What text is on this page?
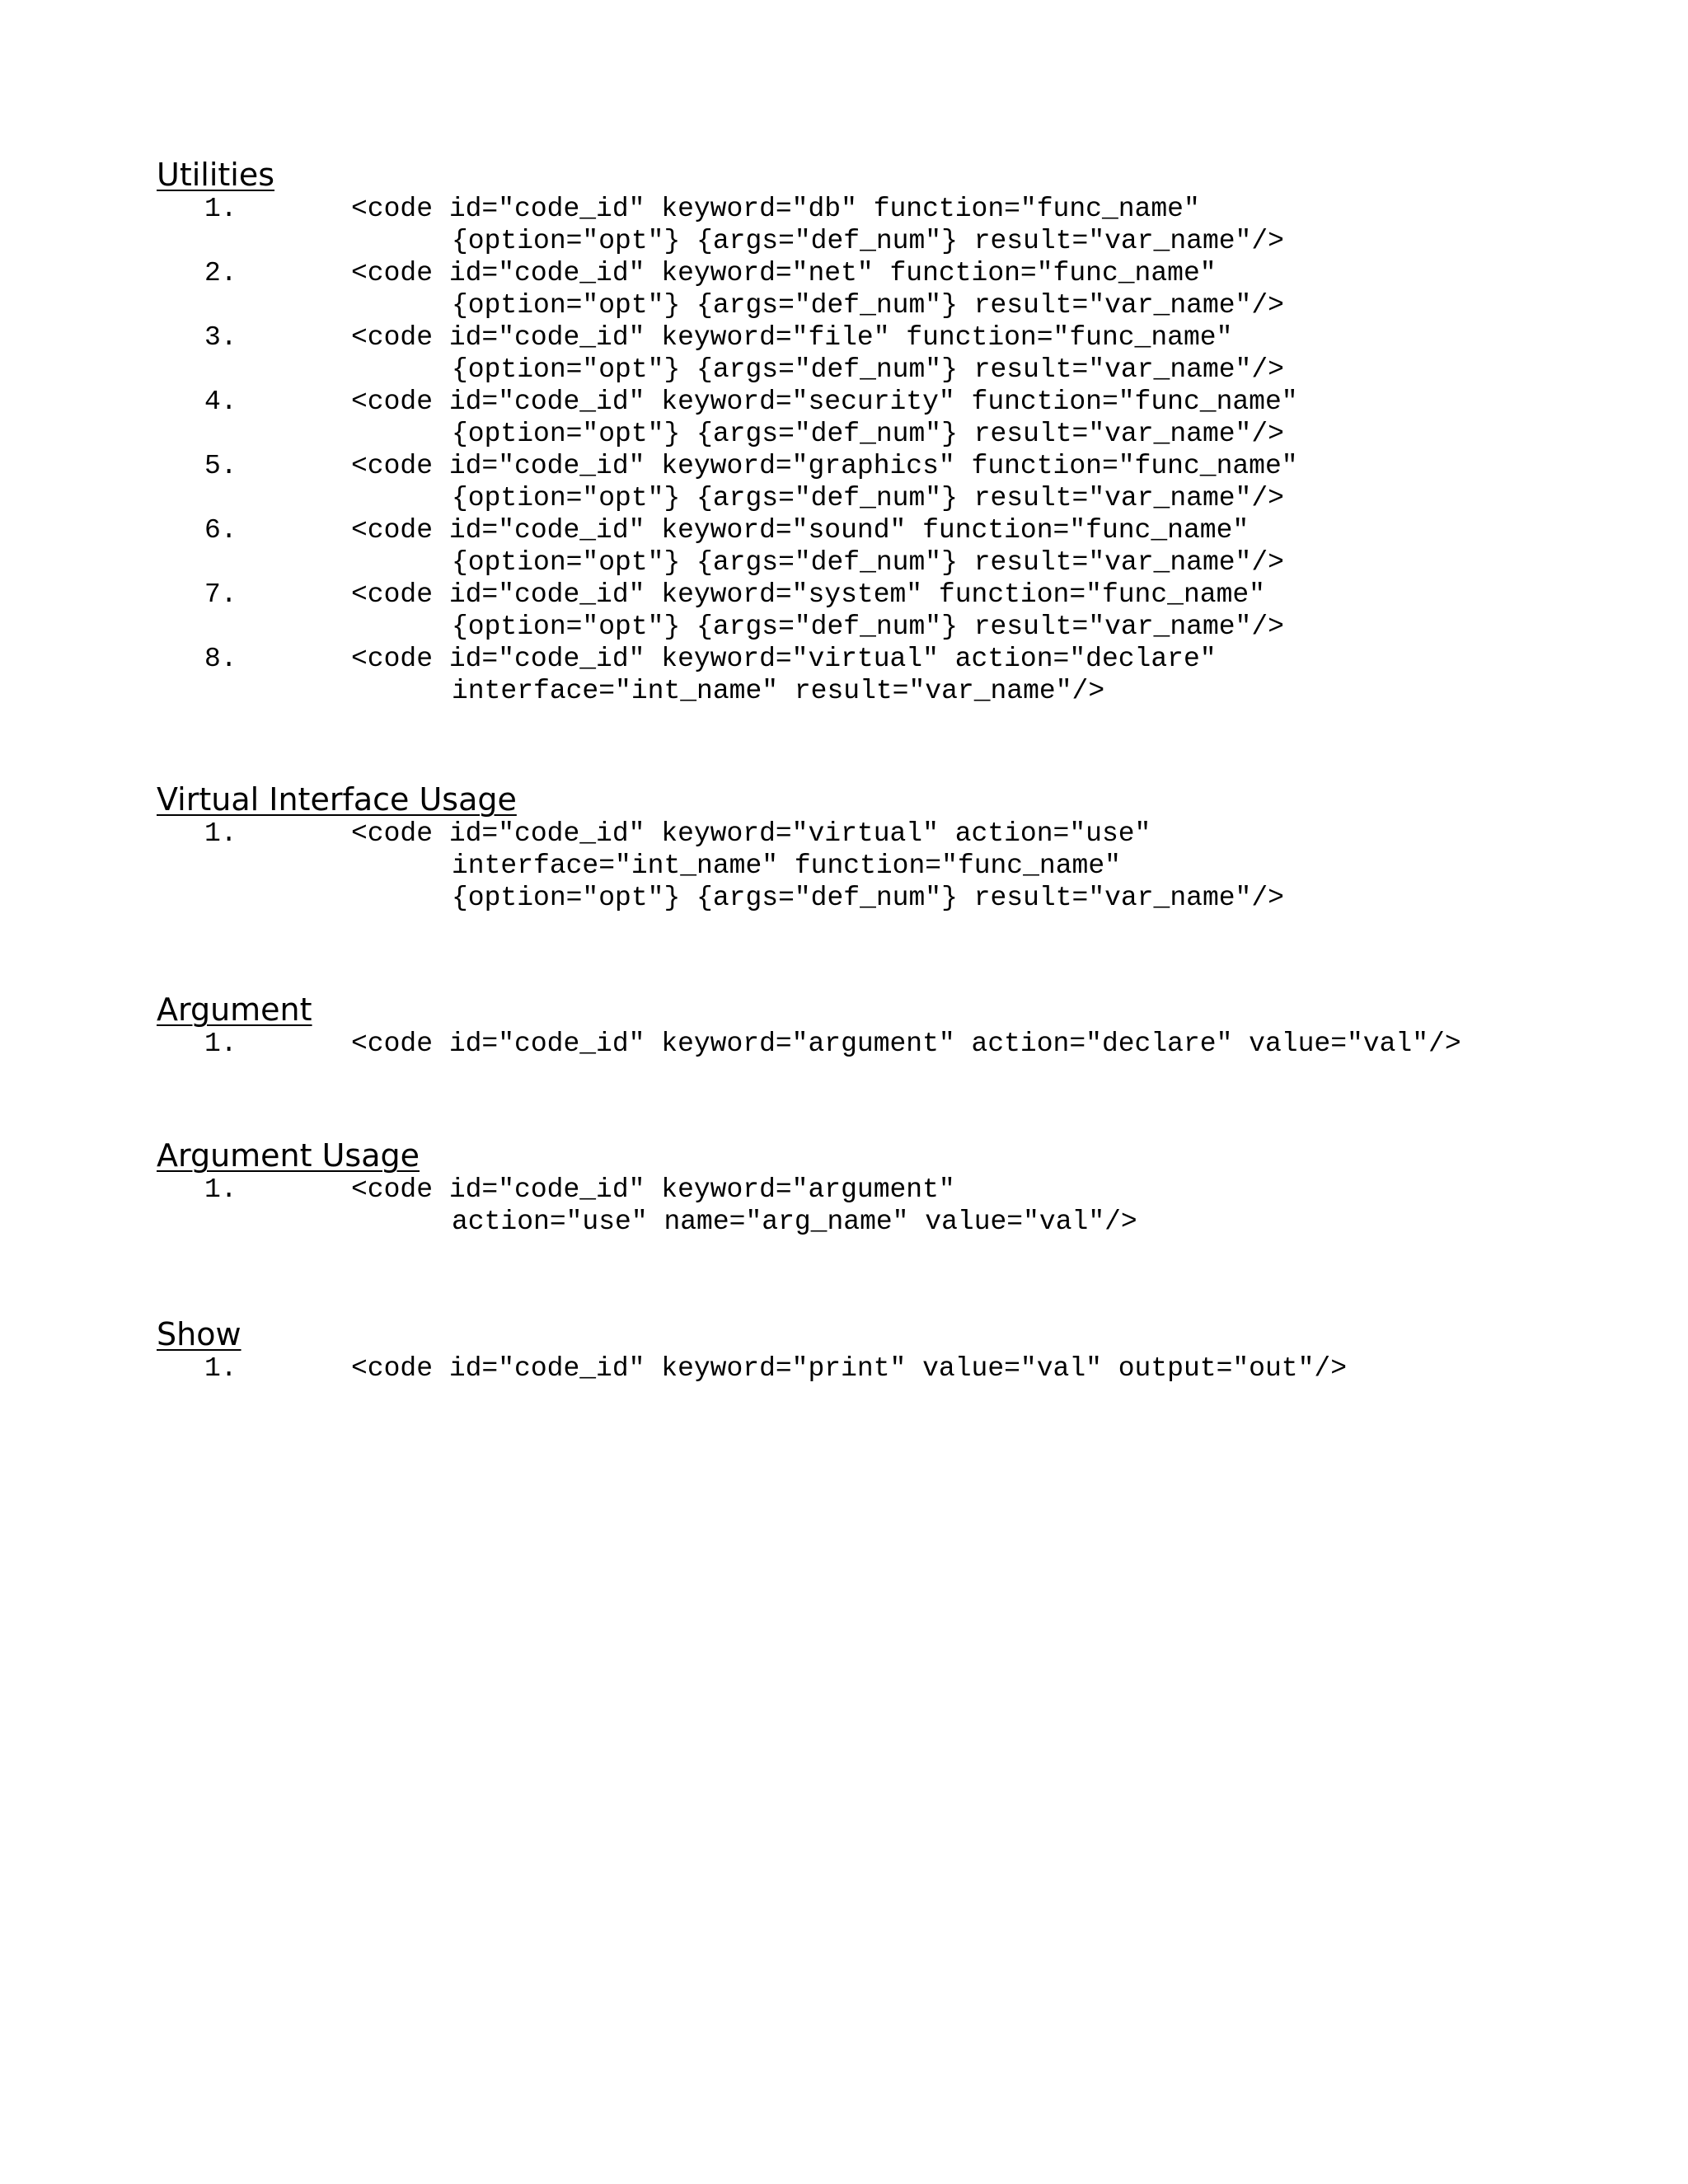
Utilities
1.	<code id="code_id" keyword="db" function="func_name"
{option="opt"} {args="def_num"} result="var_name"/>
2.	<code id="code_id" keyword="net" function="func_name"
{option="opt"} {args="def_num"} result="var_name"/>
3.	<code id="code_id" keyword="file" function="func_name"
{option="opt"} {args="def_num"} result="var_name"/>
4.	<code id="code_id" keyword="security" function="func_name"
{option="opt"} {args="def_num"} result="var_name"/>
5.	<code id="code_id" keyword="graphics" function="func_name"
{option="opt"} {args="def_num"} result="var_name"/>
6.	<code id="code_id" keyword="sound" function="func_name"
{option="opt"} {args="def_num"} result="var_name"/>
7.	<code id="code_id" keyword="system" function="func_name"
{option="opt"} {args="def_num"} result="var_name"/>
8.	<code id="code_id" keyword="virtual" action="declare"
interface="int_name" result="var_name"/>
Virtual Interface Usage
1.	<code id="code_id" keyword="virtual" action="use"
interface="int_name" function="func_name"
{option="opt"} {args="def_num"} result="var_name"/>
Argument
1.	<code id="code_id" keyword="argument" action="declare" value="val"/>
Argument Usage
1.	<code id="code_id" keyword="argument"
action="use" name="arg_name" value="val"/>
Show
1.	<code id="code_id" keyword="print" value="val" output="out"/>
